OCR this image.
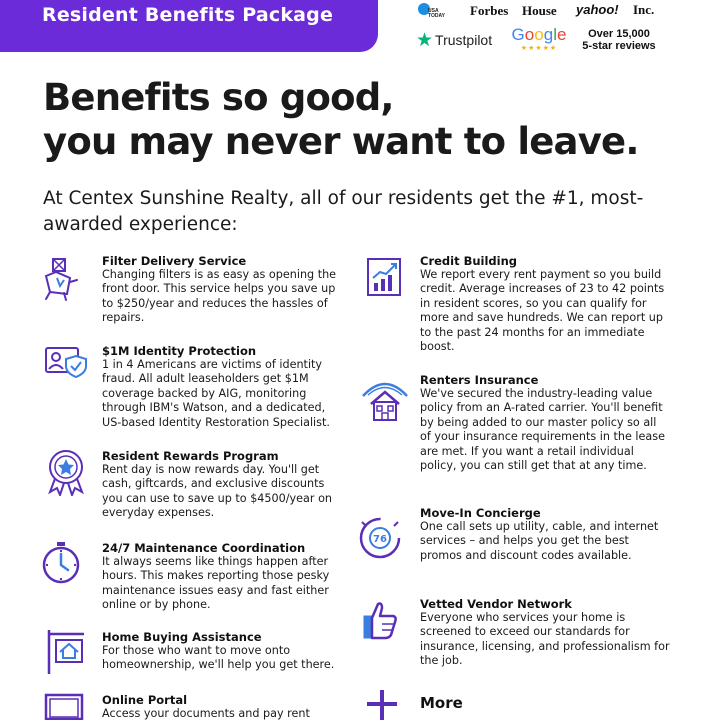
Resident Benefits Package	USA TODAY	Forbes House yahoo! Inc.
★ Trustpilot Google
★★★★★
Over 15,000
5-star reviews
Benefits so good,
you may never want to leave.
At Centex Sunshine Realty, all of our residents get the #1, most-awarded experience:
Filter Delivery Service
Changing filters is as easy as opening the front door. This service helps you save up to $250/year and reduces the hassles of repairs.
$1M Identity Protection
1 in 4 Americans are victims of identity fraud. All adult leaseholders get $1M coverage backed by AIG, monitoring through IBM's Watson, and a dedicated, US-based Identity Restoration Specialist.
Resident Rewards Program
Rent day is now rewards day. You'll get cash, giftcards, and exclusive discounts you can use to save up to $4500/year on everyday expenses.
24/7 Maintenance Coordination
It always seems like things happen after hours. This makes reporting those pesky maintenance issues easy and fast either online or by phone.
Home Buying Assistance
For those who want to move onto homeownership, we'll help you get there.
Online Portal
Access your documents and pay rent
Credit Building
We report every rent payment so you build credit. Average increases of 23 to 42 points in resident scores, so you can qualify for more and save hundreds. We can report up to the past 24 months for an immediate boost.
Renters Insurance
We've secured the industry-leading value policy from an A-rated carrier. You'll benefit by being added to our master policy so all of your insurance requirements in the lease are met. If you want a retail individual policy, you can still get that at any time.
76
Move-In Concierge
One call sets up utility, cable, and internet services – and helps you get the best promos and discount codes available.
Vetted Vendor Network
Everyone who services your home is screened to exceed our standards for insurance, licensing, and professionalism for the job.
More
